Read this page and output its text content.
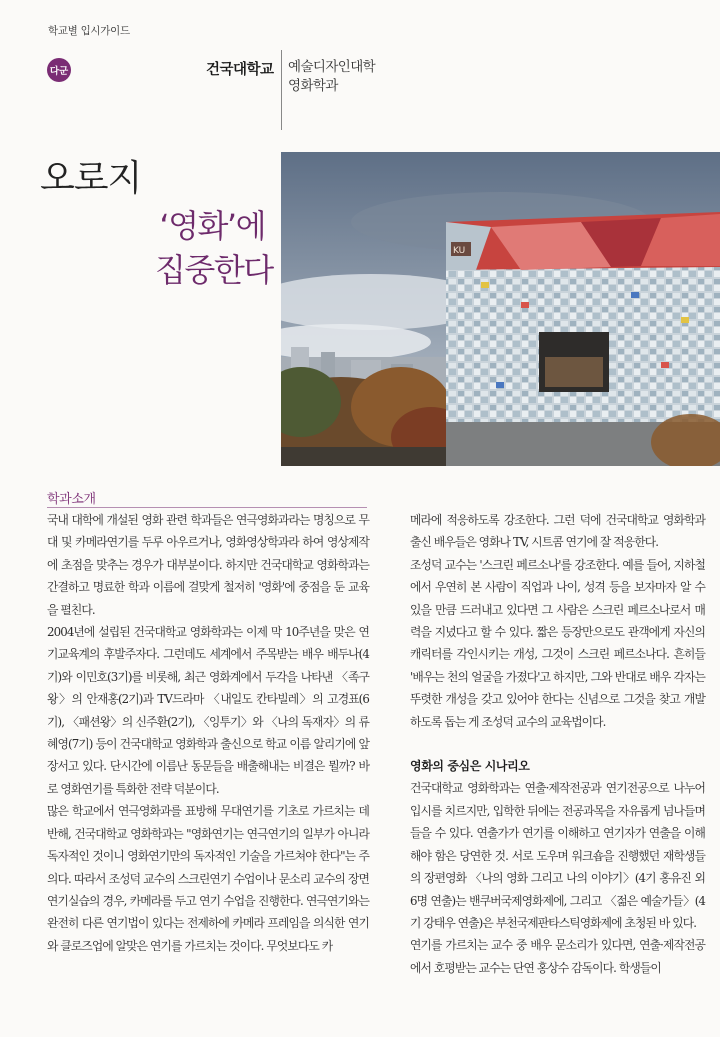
학교별 입시가이드
다군	건국대학교 예술디자인대학
영화학과
오로지
‘영화’에
집중한다	KU
학과소개

국내 대학에 개설된 영화 관련 학과들은 연극영화과라는 명칭으로 무대 및 카메라연기를 두루 아우르거나, 영화영상학과라 하여 영상제작에 초점을 맞추는 경우가 대부분이다. 하지만 건국대학교 영화학과는 간결하고 명료한 학과 이름에 걸맞게 철저히 '영화'에 중점을 둔 교육을 펼친다.

2004년에 설립된 건국대학교 영화학과는 이제 막 10주년을 맞은 연기교육계의 후발주자다. 그런데도 세계에서 주목받는 배우 배두나(4기)와 이민호(3기)를 비롯해, 최근 영화계에서 두각을 나타낸 〈족구왕〉의 안재홍(2기)과 TV드라마 〈내일도 칸타빌레〉의 고경표(6기), 〈패션왕〉의 신주환(2기), 〈잉투기〉와 〈나의 독재자〉의 류혜영(7기) 등이 건국대학교 영화학과 출신으로 학교 이름 알리기에 앞장서고 있다. 단시간에 이름난 동문들을 배출해내는 비결은 뭘까? 바로 영화연기를 특화한 전략 덕분이다.

많은 학교에서 연극영화과를 표방해 무대연기를 기초로 가르치는 데 반해, 건국대학교 영화학과는 "영화연기는 연극연기의 일부가 아니라 독자적인 것이니 영화연기만의 독자적인 기술을 가르쳐야 한다"는 주의다. 따라서 조성덕 교수의 스크린연기 수업이나 문소리 교수의 장면연기실습의 경우, 카메라를 두고 연기 수업을 진행한다. 연극연기와는 완전히 다른 연기법이 있다는 전제하에 카메라 프레임을 의식한 연기와 클로즈업에 알맞은 연기를 가르치는 것이다. 무엇보다도 카

메라에 적응하도록 강조한다. 그런 덕에 건국대학교 영화학과 출신 배우들은 영화나 TV, 시트콤 연기에 잘 적응한다.

조성덕 교수는 '스크린 페르소나'를 강조한다. 예를 들어, 지하철에서 우연히 본 사람이 직업과 나이, 성격 등을 보자마자 알 수 있을 만큼 드러내고 있다면 그 사람은 스크린 페르소나로서 매력을 지녔다고 할 수 있다. 짧은 등장만으로도 관객에게 자신의 캐릭터를 각인시키는 개성, 그것이 스크린 페르소나다. 흔히들 '배우는 천의 얼굴을 가졌다'고 하지만, 그와 반대로 배우 각자는 뚜렷한 개성을 갖고 있어야 한다는 신념으로 그것을 찾고 개발하도록 돕는 게 조성덕 교수의 교육법이다.

영화의 중심은 시나리오

건국대학교 영화학과는 연출·제작전공과 연기전공으로 나누어 입시를 치르지만, 입학한 뒤에는 전공과목을 자유롭게 넘나들며 들을 수 있다. 연출가가 연기를 이해하고 연기자가 연출을 이해해야 함은 당연한 것. 서로 도우며 워크숍을 진행했던 재학생들의 장편영화 〈나의 영화 그리고 나의 이야기〉(4기 홍유진 외 6명 연출)는 밴쿠버국제영화제에, 그리고 〈젊은 예술가들〉(4기 강태우 연출)은 부천국제판타스틱영화제에 초청된 바 있다.

연기를 가르치는 교수 중 배우 문소리가 있다면, 연출·제작전공에서 호평받는 교수는 단연 홍상수 감독이다. 학생들이
